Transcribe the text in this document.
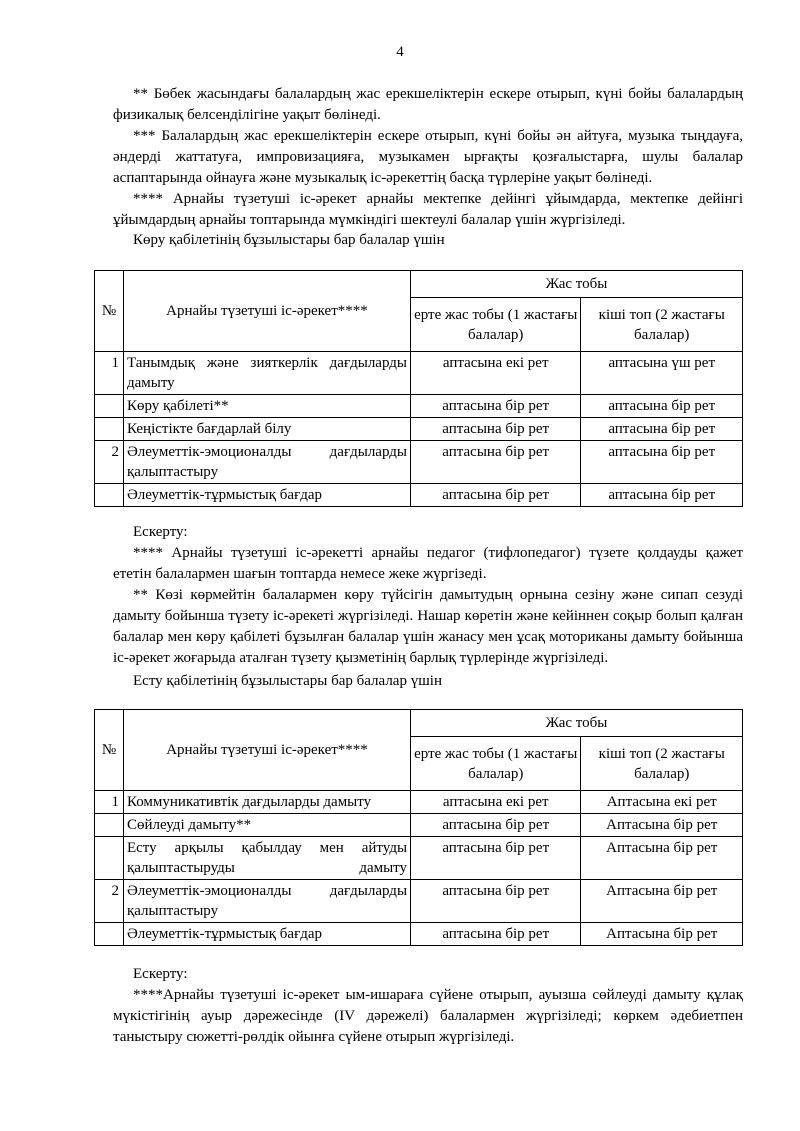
4
** Бөбек жасындағы балалардың жас ерекшеліктерін ескере отырып, күні бойы балалардың физикалық белсенділігіне уақыт бөлінеді.
*** Балалардың жас ерекшеліктерін ескере отырып, күні бойы ән айтуға, музыка тыңдауға, әндерді жаттатуға, импровизацияға, музыкамен ырғақты қозғалыстарға, шулы балалар аспаптарында ойнауға және музыкалық іс-әрекеттің басқа түрлеріне уақыт бөлінеді.
**** Арнайы түзетуші іс-әрекет арнайы мектепке дейінгі ұйымдарда, мектепке дейінгі ұйымдардың арнайы топтарында мүмкіндігі шектеулі балалар үшін жүргізіледі.
Көру қабілетінің бұзылыстары бар балалар үшін
№	Арнайы түзетуші іс-әрекет****	Жас тобы	
		ерте жас тобы (1 жастағы балалар)	кіші топ (2 жастағы балалар)
1	Танымдық және зияткерлік дағдыларды дамыту	аптасына екі рет	аптасына үш рет
	Көру қабілеті**	аптасына бір рет	аптасына бір рет
	Кеңістікте бағдарлай білу	аптасына бір рет	аптасына бір рет
2	Әлеуметтік-эмоционалды дағдыларды қалыптастыру	аптасына бір рет	аптасына бір рет
	Әлеуметтік-тұрмыстық бағдар	аптасына бір рет	аптасына бір рет
Ескерту:
**** Арнайы түзетуші іс-әрекетті арнайы педагог (тифлопедагог) түзете қолдауды қажет ететін балалармен шағын топтарда немесе жеке жүргізеді.
** Көзі көрмейтін балалармен көру түйсігін дамытудың орнына сезіну және сипап сезуді дамыту бойынша түзету іс-әрекеті жүргізіледі. Нашар көретін және кейіннен соқыр болып қалған балалар мен көру қабілеті бұзылған балалар үшін жанасу мен ұсақ моториканы дамыту бойынша іс-әрекет жоғарыда аталған түзету қызметінің барлық түрлерінде жүргізіледі.
Есту қабілетінің бұзылыстары бар балалар үшін
№	Арнайы түзетуші іс-әрекет****	Жас тобы	
		ерте жас тобы (1 жастағы балалар)	кіші топ (2 жастағы балалар)
1	Коммуникативтік дағдыларды дамыту	аптасына екі рет	Аптасына екі рет
	Сөйлеуді дамыту**	аптасына бір рет	Аптасына бір рет
	Есту арқылы қабылдау мен айтуды қалыптастыруды дамыту	аптасына бір рет	Аптасына бір рет
2	Әлеуметтік-эмоционалды дағдыларды қалыптастыру	аптасына бір рет	Аптасына бір рет
	Әлеуметтік-тұрмыстық бағдар	аптасына бір рет	Аптасына бір рет
Ескерту:
****Арнайы түзетуші іс-әрекет ым-ишараға сүйене отырып, ауызша сөйлеуді дамыту құлақ мүкістігінің ауыр дәрежесінде (IV дәрежелі) балалармен жүргізіледі; көркем әдебиетпен таныстыру сюжетті-рөлдік ойынға сүйене отырып жүргізіледі.
